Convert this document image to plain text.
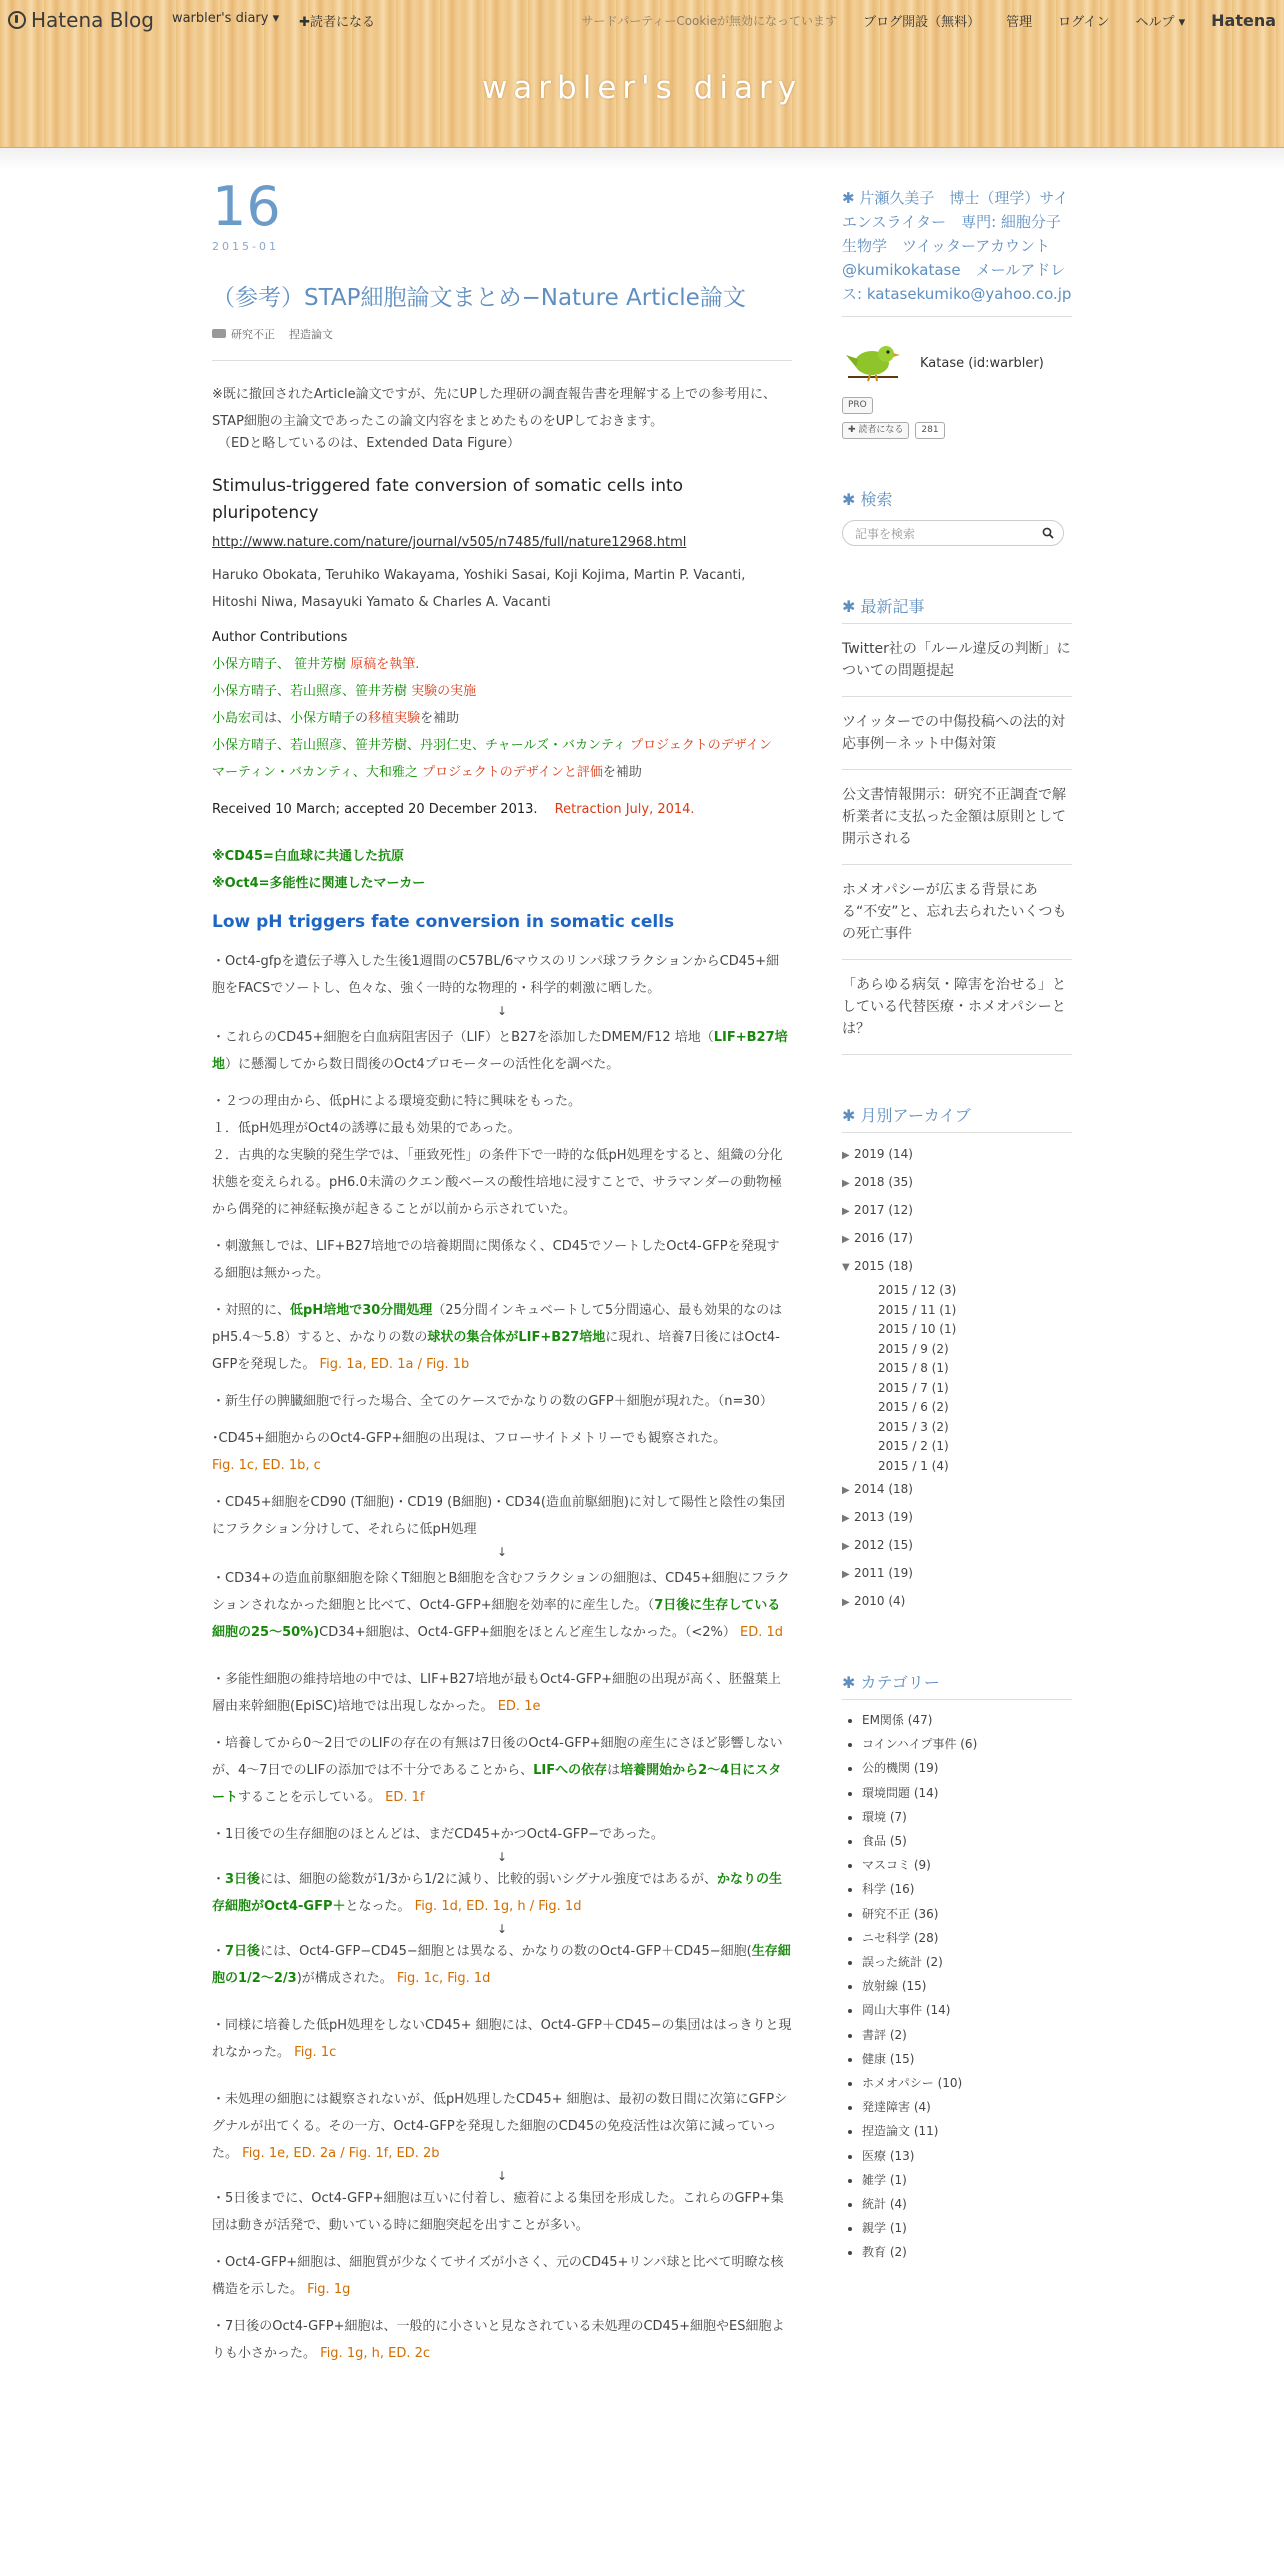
warbler's diary
Hatena Blog warbler's diary ▾ ✚読者になる	サードパーティーCookieが無効になっています ブログ開設（無料） 管理 ログイン ヘルプ ▾ Hatena
16
2015-01
（参考）STAP細胞論文まとめ−Nature Article論文
研究不正 捏造論文

※既に撤回されたArticle論文ですが、先にUPした理研の調査報告書を理解する上での参考用に、STAP細胞の主論文であったこの論文内容をまとめたものをUPしておきます。

（EDと略しているのは、Extended Data Figure）

Stimulus-triggered fate conversion of somatic cells into pluripotency

http://www.nature.com/nature/journal/v505/n7485/full/nature12968.html

Haruko Obokata, Teruhiko Wakayama, Yoshiki Sasai, Koji Kojima, Martin P. Vacanti, Hitoshi Niwa, Masayuki Yamato & Charles A. Vacanti

Author Contributions

小保方晴子、 笹井芳樹 原稿を執筆.

小保方晴子、若山照彦、笹井芳樹 実験の実施

小島宏司は、小保方晴子の移植実験を補助

小保方晴子、若山照彦、笹井芳樹、丹羽仁史、チャールズ・バカンティ プロジェクトのデザイン

マーティン・バカンティ、大和雅之 プロジェクトのデザインと評価を補助

Received 10 March; accepted 20 December 2013.　 Retraction July, 2014.

※CD45=白血球に共通した抗原

※Oct4=多能性に関連したマーカー

Low pH triggers fate conversion in somatic cells

・Oct4-gfpを遺伝子導入した生後1週間のC57BL/6マウスのリンパ球フラクションからCD45+細胞をFACSでソートし、色々な、強く一時的な物理的・科学的刺激に晒した。

↓

・これらのCD45+細胞を白血病阻害因子（LIF）とB27を添加したDMEM/F12 培地（LIF+B27培地）に懸濁してから数日間後のOct4プロモーターの活性化を調べた。

・２つの理由から、低pHによる環境変動に特に興味をもった。

１．低pH処理がOct4の誘導に最も効果的であった。

２．古典的な実験的発生学では、「亜致死性」の条件下で一時的な低pH処理をすると、組織の分化状態を変えられる。pH6.0未満のクエン酸ベースの酸性培地に浸すことで、サラマンダーの動物極から偶発的に神経転換が起きることが以前から示されていた。

・刺激無しでは、LIF+B27培地での培養期間に関係なく、CD45でソートしたOct4-GFPを発現する細胞は無かった。

・対照的に、低pH培地で30分間処理（25分間インキュベートして5分間遠心、最も効果的なのはpH5.4〜5.8）すると、かなりの数の球状の集合体がLIF+B27培地に現れ、培養7日後にはOct4-GFPを発現した。 Fig. 1a, ED. 1a / Fig. 1b

・新生仔の脾臓細胞で行った場合、全てのケースでかなりの数のGFP＋細胞が現れた。（n=30）

･CD45+細胞からのOct4-GFP+細胞の出現は、フローサイトメトリーでも観察された。
Fig. 1c, ED. 1b, c

・CD45+細胞をCD90 (T細胞)・CD19 (B細胞)・CD34(造血前駆細胞)に対して陽性と陰性の集団にフラクション分けして、それらに低pH処理

↓

・CD34+の造血前駆細胞を除くT細胞とB細胞を含むフラクションの細胞は、CD45+細胞にフラクションされなかった細胞と比べて、Oct4-GFP+細胞を効率的に産生した。（7日後に生存している細胞の25〜50%)CD34+細胞は、Oct4-GFP+細胞をほとんど産生しなかった。（<2%） ED. 1d

・多能性細胞の維持培地の中では、LIF+B27培地が最もOct4-GFP+細胞の出現が高く、胚盤葉上層由来幹細胞(EpiSC)培地では出現しなかった。 ED. 1e

・培養してから0〜2日でのLIFの存在の有無は7日後のOct4-GFP+細胞の産生にさほど影響しないが、4〜7日でのLIFの添加では不十分であることから、LIFへの依存は培養開始から2〜4日にスタートすることを示している。 ED. 1f

・1日後での生存細胞のほとんどは、まだCD45+かつOct4-GFP−であった。

↓

・3日後には、細胞の総数が1/3から1/2に減り、比較的弱いシグナル強度ではあるが、かなりの生存細胞がOct4-GFP＋となった。 Fig. 1d, ED. 1g, h / Fig. 1d

↓

・7日後には、Oct4-GFP−CD45−細胞とは異なる、かなりの数のOct4-GFP＋CD45−細胞(生存細胞の1/2〜2/3)が構成された。 Fig. 1c, Fig. 1d

・同様に培養した低pH処理をしないCD45+ 細胞には、Oct4-GFP＋CD45−の集団ははっきりと現れなかった。 Fig. 1c

・未処理の細胞には観察されないが、低pH処理したCD45+ 細胞は、最初の数日間に次第にGFPシグナルが出てくる。その一方、Oct4-GFPを発現した細胞のCD45の免疫活性は次第に減っていった。 Fig. 1e, ED. 2a / Fig. 1f, ED. 2b

↓

・5日後までに、Oct4-GFP+細胞は互いに付着し、癒着による集団を形成した。これらのGFP+集団は動きが活発で、動いている時に細胞突起を出すことが多い。

・Oct4-GFP+細胞は、細胞質が少なくてサイズが小さく、元のCD45+リンパ球と比べて明瞭な核構造を示した。 Fig. 1g

・7日後のOct4-GFP+細胞は、一般的に小さいと見なされている未処理のCD45+細胞やES細胞よりも小さかった。 Fig. 1g, h, ED. 2c

✱ 片瀬久美子　博士（理学）サイエンスライター　専門: 細胞分子生物学　ツイッターアカウント @kumikokatase　メールアドレス: katasekumiko@yahoo.co.jp
Katase (id:warbler)
PRO
✚ 読者になる	281
✱ 検索
記事を検索
✱ 最新記事
Twitter社の「ルール違反の判断」についての問題提起
ツイッターでの中傷投稿への法的対応事例－ネット中傷対策
公文書情報開示：研究不正調査で解析業者に支払った金額は原則として開示される
ホメオパシーが広まる背景にある“不安”と、忘れ去られたいくつもの死亡事件
「あらゆる病気・障害を治せる」としている代替医療・ホメオパシーとは？
✱ 月別アーカイブ
▶ 2019 (14)
▶ 2018 (35)
▶ 2017 (12)
▶ 2016 (17)
▼ 2015 (18)
2015 / 12 (3)
2015 / 11 (1)
2015 / 10 (1)
2015 / 9 (2)
2015 / 8 (1)
2015 / 7 (1)
2015 / 6 (2)
2015 / 3 (2)
2015 / 2 (1)
2015 / 1 (4)
▶ 2014 (18)
▶ 2013 (19)
▶ 2012 (15)
▶ 2011 (19)
▶ 2010 (4)
✱ カテゴリー
• EM関係 (47)
• コインハイプ事件 (6)
• 公的機関 (19)
• 環境問題 (14)
• 環境 (7)
• 食品 (5)
• マスコミ (9)
• 科学 (16)
• 研究不正 (36)
• ニセ科学 (28)
• 誤った統計 (2)
• 放射線 (15)
• 岡山大事件 (14)
• 書評 (2)
• 健康 (15)
• ホメオパシー (10)
• 発達障害 (4)
• 捏造論文 (11)
• 医療 (13)
• 雑学 (1)
• 統計 (4)
• 親学 (1)
• 教育 (2)
